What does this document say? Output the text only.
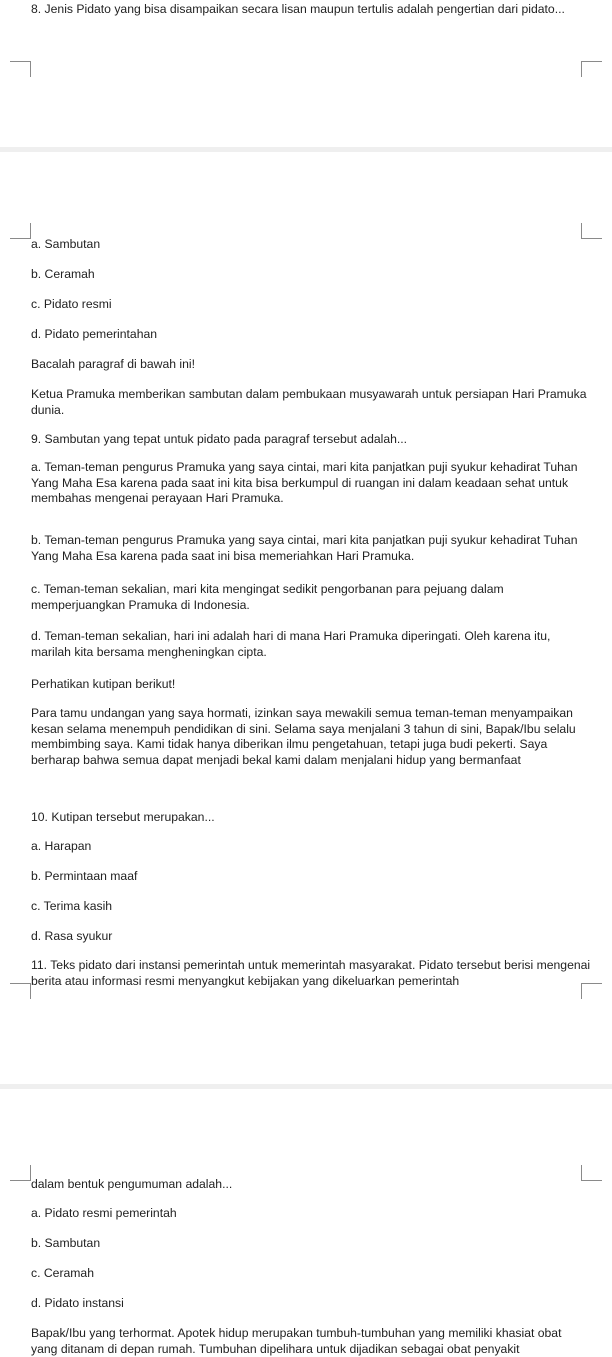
8. Jenis Pidato yang bisa disampaikan secara lisan maupun tertulis adalah pengertian dari pidato...

a. Sambutan

b. Ceramah

c. Pidato resmi

d. Pidato pemerintahan

Bacalah paragraf di bawah ini!

Ketua Pramuka memberikan sambutan dalam pembukaan musyawarah untuk persiapan Hari Pramuka dunia.

9. Sambutan yang tepat untuk pidato pada paragraf tersebut adalah...

a. Teman-teman pengurus Pramuka yang saya cintai, mari kita panjatkan puji syukur kehadirat Tuhan Yang Maha Esa karena pada saat ini kita bisa berkumpul di ruangan ini dalam keadaan sehat untuk membahas mengenai perayaan Hari Pramuka.

b. Teman-teman pengurus Pramuka yang saya cintai, mari kita panjatkan puji syukur kehadirat Tuhan Yang Maha Esa karena pada saat ini bisa memeriahkan Hari Pramuka.

c. Teman-teman sekalian, mari kita mengingat sedikit pengorbanan para pejuang dalam memperjuangkan Pramuka di Indonesia.

d. Teman-teman sekalian, hari ini adalah hari di mana Hari Pramuka diperingati. Oleh karena itu, marilah kita bersama mengheningkan cipta.

Perhatikan kutipan berikut!

Para tamu undangan yang saya hormati, izinkan saya mewakili semua teman-teman menyampaikan kesan selama menempuh pendidikan di sini. Selama saya menjalani 3 tahun di sini, Bapak/Ibu selalu membimbing saya. Kami tidak hanya diberikan ilmu pengetahuan, tetapi juga budi pekerti. Saya berharap bahwa semua dapat menjadi bekal kami dalam menjalani hidup yang bermanfaat

10. Kutipan tersebut merupakan...

a. Harapan

b. Permintaan maaf

c. Terima kasih

d. Rasa syukur

11. Teks pidato dari instansi pemerintah untuk memerintah masyarakat. Pidato tersebut berisi mengenai berita atau informasi resmi menyangkut kebijakan yang dikeluarkan pemerintah

dalam bentuk pengumuman adalah...

a. Pidato resmi pemerintah

b. Sambutan

c. Ceramah

d. Pidato instansi

Bapak/Ibu yang terhormat. Apotek hidup merupakan tumbuh-tumbuhan yang memiliki khasiat obat yang ditanam di depan rumah. Tumbuhan dipelihara untuk dijadikan sebagai obat penyakit
